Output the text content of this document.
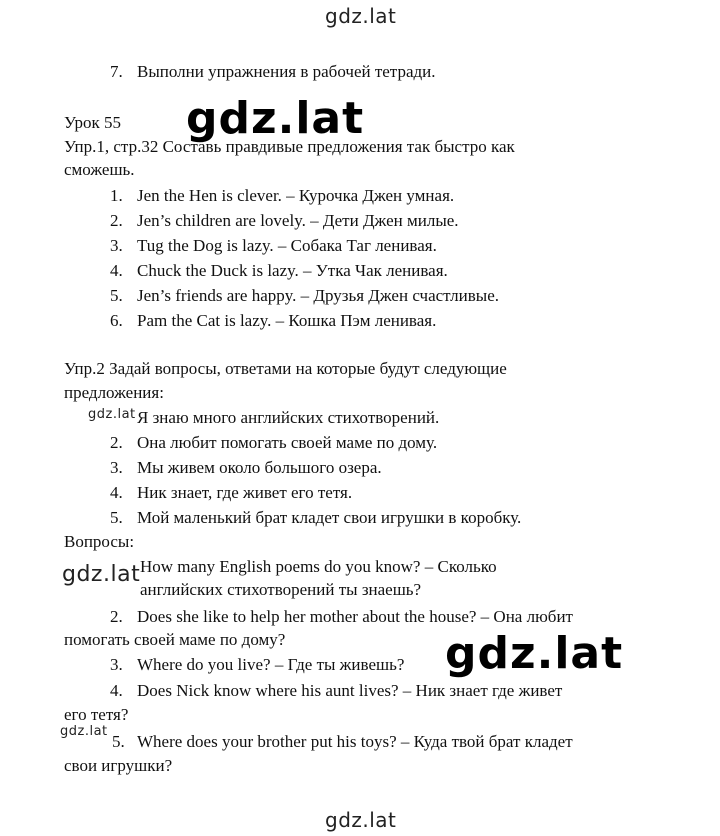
gdz.lat
7. Выполни упражнения в рабочей тетради.
Урок 55 gdz.lat
Упр.1, стр.32 Составь правдивые предложения так быстро как
сможешь.
1. Jen the Hen is clever. – Курочка Джен умная.
2. Jen’s children are lovely. – Дети Джен милые.
3. Tug the Dog is lazy. – Собака Таг ленивая.
4. Chuck the Duck is lazy. – Утка Чак ленивая.
5. Jen’s friends are happy. – Друзья Джен счастливые.
6. Pam the Cat is lazy. – Кошка Пэм ленивая.
Упр.2 Задай вопросы, ответами на которые будут следующие
предложения:
gdz.lat Я знаю много английских стихотворений.
2. Она любит помогать своей маме по дому.
3. Мы живем около большого озера.
4. Ник знает, где живет его тетя.
5. Мой маленький брат кладет свои игрушки в коробку.
Вопросы:
gdz.lat How many English poems do you know? – Сколько
английских стихотворений ты знаешь?
2. Does she like to help her mother about the house? – Она любит
помогать своей маме по дому?
3. Where do you live? – Где ты живешь? gdz.lat
4. Does Nick know where his aunt lives? – Ник знает где живет
его тетя?
gdz.lat
5. Where does your brother put his toys? – Куда твой брат кладет
свои игрушки?
gdz.lat
